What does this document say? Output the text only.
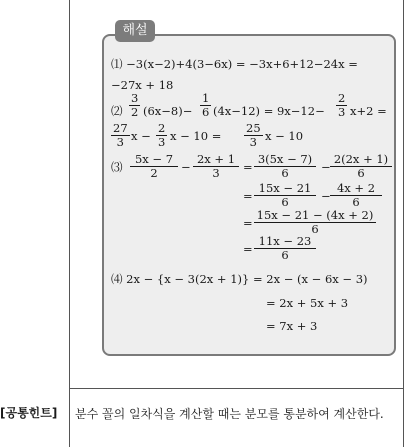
해설
⑴ −3(x−2)+4(3−6x) = −3x+6+12−24x =
−27x + 18
⑵ $\frac{3}{2} (6x-8)- \frac{1}{6} (4x-12) = 9x-12- \frac{2}{3} x+2$ =
$\frac{27}{3}$ $x - \frac{2}{3}$ $x - 10 = \frac{25}{3}$ x − 10
⑶ $\frac{5x - 7}{2} - \frac{2x + 1}{3} = \frac{3(5x - 7)}{6} - \frac{2(2x + 1)}{6}$
= $\frac{15x - 21}{6} - \frac{4x + 2}{6}$
= $\frac{15x - 21 - (4x + 2)}{6}$
= $\frac{11x - 23}{6}$
⑷ 2x − {x − 3(2x + 1)} = 2x − (x − 6x − 3)
= 2x + 5x + 3
= 7x + 3
[공통힌트] 분수 꼴의 일차식을 계산할 때는 분모를 통분하여 계산한다.
